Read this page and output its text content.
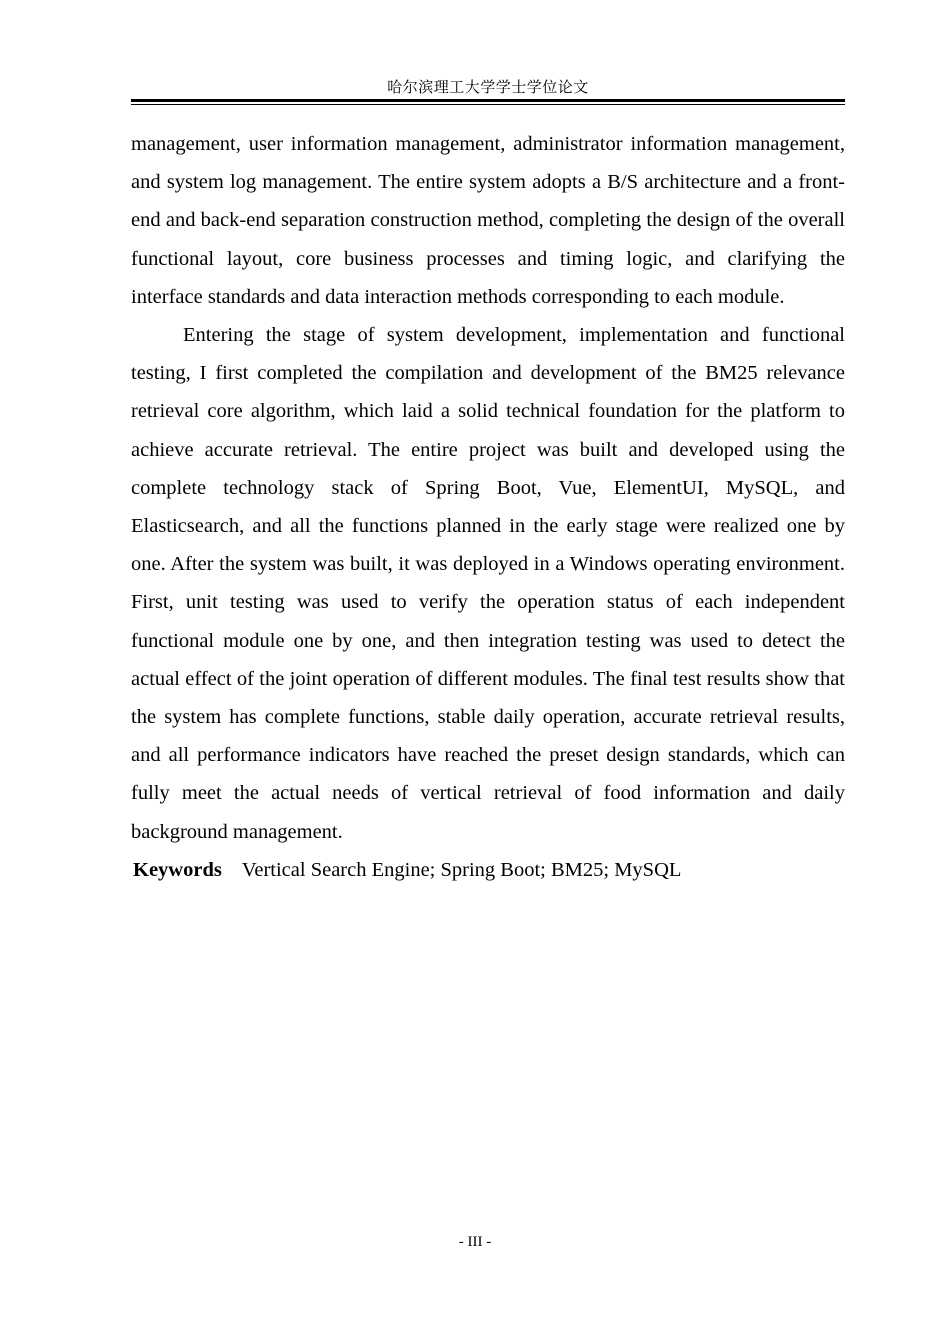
哈尔滨理工大学学士学位论文

management, user information management, administrator information management, and system log management. The entire system adopts a B/S architecture and a front-end and back-end separation construction method, completing the design of the overall functional layout, core business processes and timing logic, and clarifying the interface standards and data interaction methods corresponding to each module.

Entering the stage of system development, implementation and functional testing, I first completed the compilation and development of the BM25 relevance retrieval core algorithm, which laid a solid technical foundation for the platform to achieve accurate retrieval. The entire project was built and developed using the complete technology stack of Spring Boot, Vue, ElementUI, MySQL, and Elasticsearch, and all the functions planned in the early stage were realized one by one. After the system was built, it was deployed in a Windows operating environment. First, unit testing was used to verify the operation status of each independent functional module one by one, and then integration testing was used to detect the actual effect of the joint operation of different modules. The final test results show that the system has complete functions, stable daily operation, accurate retrieval results, and all performance indicators have reached the preset design standards, which can fully meet the actual needs of vertical retrieval of food information and daily background management.

Keywords Vertical Search Engine; Spring Boot; BM25; MySQL

- III -
